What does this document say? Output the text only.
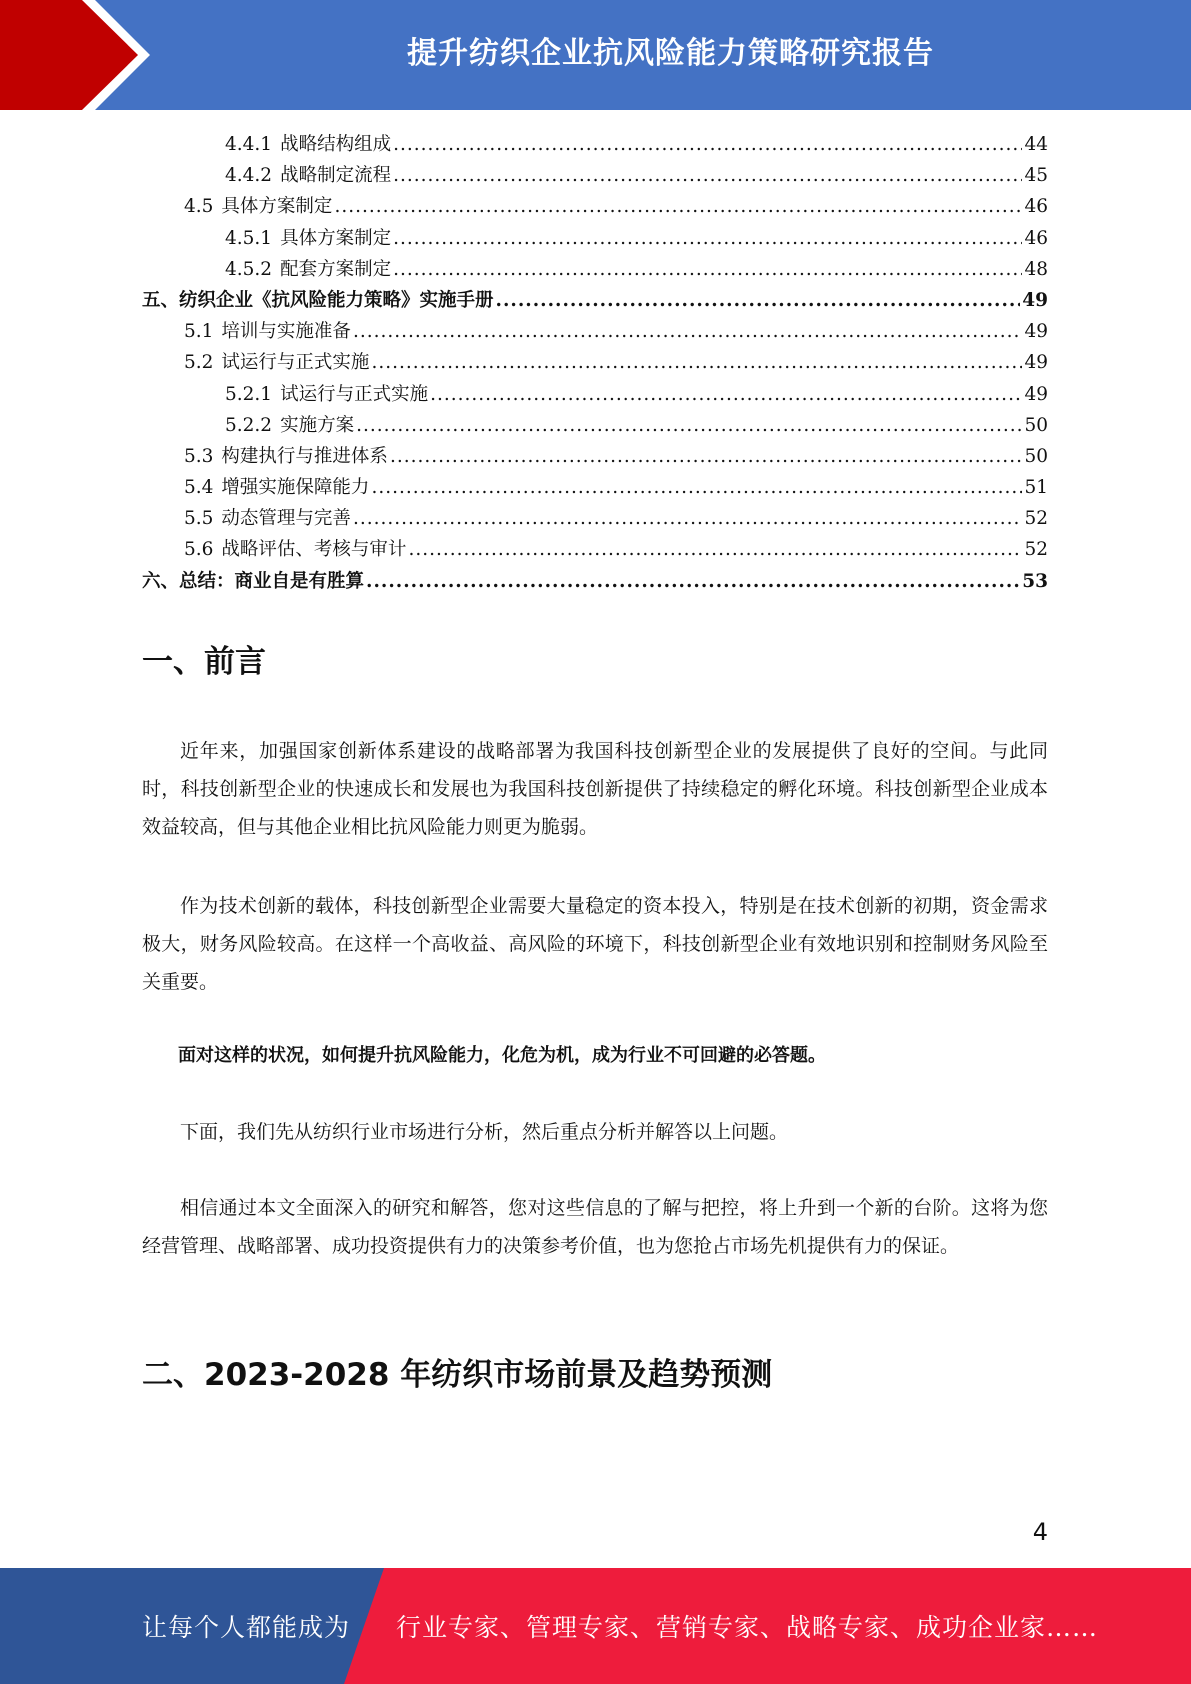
提升纺织企业抗风险能力策略研究报告
4.4.1 战略结构组成 .....	44
4.4.2 战略制定流程 .....	45
4.5 具体方案制定 .....	46
4.5.1 具体方案制定 .....	46
4.5.2 配套方案制定 .....	48
五、纺织企业《抗风险能力策略》实施手册 .....	49
5.1 培训与实施准备 .....	49
5.2 试运行与正式实施 .....	49
5.2.1 试运行与正式实施 .....	49
5.2.2 实施方案 .....	50
5.3 构建执行与推进体系 .....	50
5.4 增强实施保障能力 .....	51
5.5 动态管理与完善 .....	52
5.6 战略评估、考核与审计 .....	52
六、总结：商业自是有胜算 .....	53
一、前言
近年来，加强国家创新体系建设的战略部署为我国科技创新型企业的发展提供了良好的空间。与此同时，科技创新型企业的快速成长和发展也为我国科技创新提供了持续稳定的孵化环境。科技创新型企业成本效益较高，但与其他企业相比抗风险能力则更为脆弱。
作为技术创新的载体，科技创新型企业需要大量稳定的资本投入，特别是在技术创新的初期，资金需求极大，财务风险较高。在这样一个高收益、高风险的环境下，科技创新型企业有效地识别和控制财务风险至关重要。
面对这样的状况，如何提升抗风险能力，化危为机，成为行业不可回避的必答题。
下面，我们先从纺织行业市场进行分析，然后重点分析并解答以上问题。
相信通过本文全面深入的研究和解答，您对这些信息的了解与把控，将上升到一个新的台阶。这将为您经营管理、战略部署、成功投资提供有力的决策参考价值，也为您抢占市场先机提供有力的保证。
二、2023-2028 年纺织市场前景及趋势预测
4
让每个人都能成为 行业专家、管理专家、营销专家、战略专家、成功企业家……
